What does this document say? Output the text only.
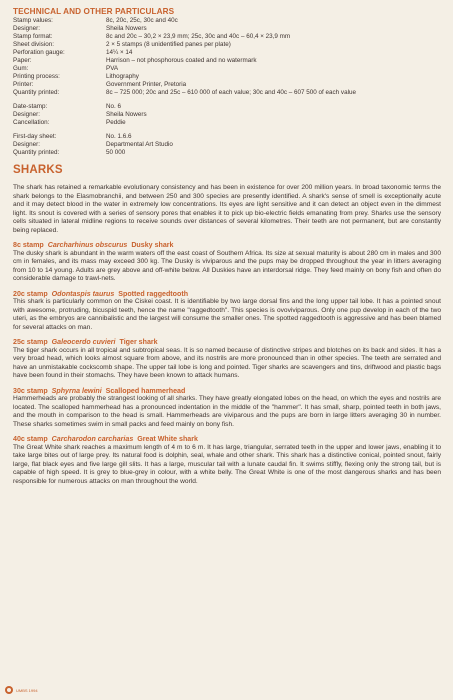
TECHNICAL AND OTHER PARTICULARS
Stamp values:	8c, 20c, 25c, 30c and 40c
Designer:	Sheila Nowers
Stamp format:	8c and 20c – 30,2 × 23,9 mm; 25c, 30c and 40c – 60,4 × 23,9 mm
Sheet division:	2 × 5 stamps (8 unidentified panes per plate)
Perforation gauge:	14¼ × 14
Paper:	Harrison – not phosphorous coated and no watermark
Gum:	PVA
Printing process:	Lithography
Printer:	Government Printer, Pretoria
Quantity printed:	8c – 725 000; 20c and 25c – 610 000 of each value; 30c and 40c – 607 500 of each value
Date-stamp:	No. 6
Designer:	Sheila Nowers
Cancellation:	Peddie
First-day sheet:	No. 1.6.6
Designer:	Departmental Art Studio
Quantity printed:	50 000
SHARKS
The shark has retained a remarkable evolutionary consistency and has been in existence for over 200 million years. In broad taxonomic terms the shark belongs to the Elasmobranchii, and between 250 and 300 species are presently identified. A shark's sense of smell is exceptionally acute and it may detect blood in the water in extremely low concentrations. Its eyes are light sensitive and it can detect an object even in the dimmest light. Its snout is covered with a series of sensory pores that enables it to pick up bio-electric fields emanating from prey. Sharks use the sensory cells situated in lateral midline regions to receive sounds over distances of several kilometres. Their teeth are not permanent, but are constantly being replaced.
8c stamp Carcharhinus obscurus Dusky shark
The dusky shark is abundant in the warm waters off the east coast of Southern Africa. Its size at sexual maturity is about 280 cm in males and 300 cm in females, and its mass may exceed 300 kg. The Dusky is viviparous and the pups may be dropped throughout the year in litters averaging from 10 to 14 young. Adults are grey above and off-white below. All Duskies have an interdorsal ridge. They feed mainly on bony fish and often do considerable damage to trawl-nets.
20c stamp Odontaspis taurus Spotted raggedtooth
This shark is particularly common on the Ciskei coast. It is identifiable by two large dorsal fins and the long upper tail lobe. It has a pointed snout with awesome, protruding, bicuspid teeth, hence the name "raggedtooth". This species is ovoviviparous. Only one pup develop in each of the two uteri, as the embryos are cannibalistic and the largest will consume the smaller ones. The spotted raggedtooth is aggressive and has been blamed for several attacks on man.
25c stamp Galeocerdo cuvieri Tiger shark
The tiger shark occurs in all tropical and subtropical seas. It is so named because of distinctive stripes and blotches on its back and sides. It has a very broad head, which looks almost square from above, and its nostrils are more pronounced than in other species. The teeth are serrated and have an unmistakable cockscomb shape. The upper tail lobe is long and pointed. Tiger sharks are scavengers and tins, driftwood and plastic bags have been found in their stomachs. They have been known to attack humans.
30c stamp Sphyrna lewini Scalloped hammerhead
Hammerheads are probably the strangest looking of all sharks. They have greatly elongated lobes on the head, on which the eyes and nostrils are located. The scalloped hammerhead has a pronounced indentation in the middle of the "hammer". It has small, sharp, pointed teeth in both jaws, and the mouth in comparison to the head is small. Hammerheads are viviparous and the pups are born in large litters averaging 30 in number. These sharks sometimes swim in small packs and feed mainly on bony fish.
40c stamp Carcharodon carcharias Great White shark
The Great White shark reaches a maximum length of 4 m to 6 m. It has large, triangular, serrated teeth in the upper and lower jaws, enabling it to take large bites out of large prey. Its natural food is dolphin, seal, whale and other shark. This shark has a distinctive conical, pointed snout, fairly large, flat black eyes and five large gill slits. It has a large, muscular tail with a lunate caudal fin. It swims stiffly, flexing only the strong tail, but is capable of high speed. It is grey to blue-grey in colour, with a white belly. The Great White is one of the most dangerous sharks and has been responsible for numerous attacks on man throughout the world.
UMBS 1994
